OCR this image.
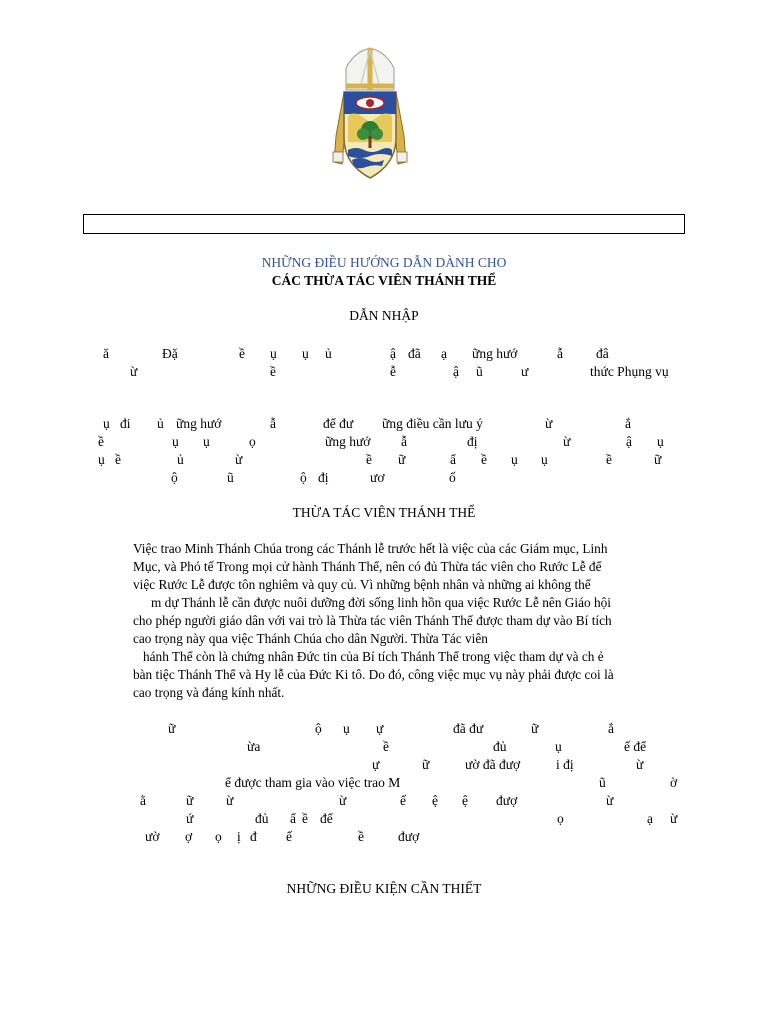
NHỮNG ĐIỀU HƯỚNG DẪN DÀNH CHO
CÁC THỪA TÁC VIÊN THÁNH THỂ
DẪN NHẬP
ă	Đặ	ề ụ ụ ủ	ậ đã ạ ững hướ	ẫ đâ
ừ	ề	ễ	ậ ũ	ư	thức Phụng vụ
ụ đi ủ ững hướ	ẫ	để đư ững điều cần lưu ý	ừ	ắ
ề	ụ ụ	ọ	ững hướ ẫ	đị	ừ	ậ ụ
ụ ề	ủ	ừ	ề ữ	ẩ ề ụ ụ	ề	ữ
ộ	ũ	ộ đị	ươ	ố
THỪA TÁC VIÊN THÁNH THỂ
Việc trao Minh Thánh Chúa trong các Thánh lễ trước hết là việc của các Giám mục, Linh
Mục, và Phó tế Trong mọi cử hành Thánh Thể, nên có đủ Thừa tác viên cho Rước Lễ để
việc Rước Lễ được tôn nghiêm và quy củ. Vì những bệnh nhân và những ai không thể
m dự Thánh lễ cần được nuôi dưỡng đời sống linh hồn qua việc Rước Lễ nên Giáo hội
cho phép người giáo dân với vai trò là Thừa tác viên Thánh Thể được tham dự vào Bí tích
cao trọng này qua việc Thánh Chúa cho dân Người. Thừa Tác viên
hánh Thể còn là chứng nhân Đức tin của Bí tích Thánh Thể trong việc tham dự và ch ẻ
bàn tiệc Thánh Thể và Hy lễ của Đức Ki tô. Do đó, công việc mục vụ này phải được coi là
cao trọng và đáng kính nhất.
ữ	ộ ụ ự	đã đư	ữ	ắ
ừa	ề	đủ	ụ	ế để
ự	ữ	ườ đã đượ	i đị	ừ
ể được tham gia vào việc trao M	ũ	ờ
ằ	ữ ừ	ừ	ế ệ ệ đượ	ừ
ứ	đủ ẩ ề để	ọ	ạ ừ
ườ ợ ọ ị đ ế	ề	đượ
NHỮNG ĐIỀU KIỆN CẦN THIẾT
